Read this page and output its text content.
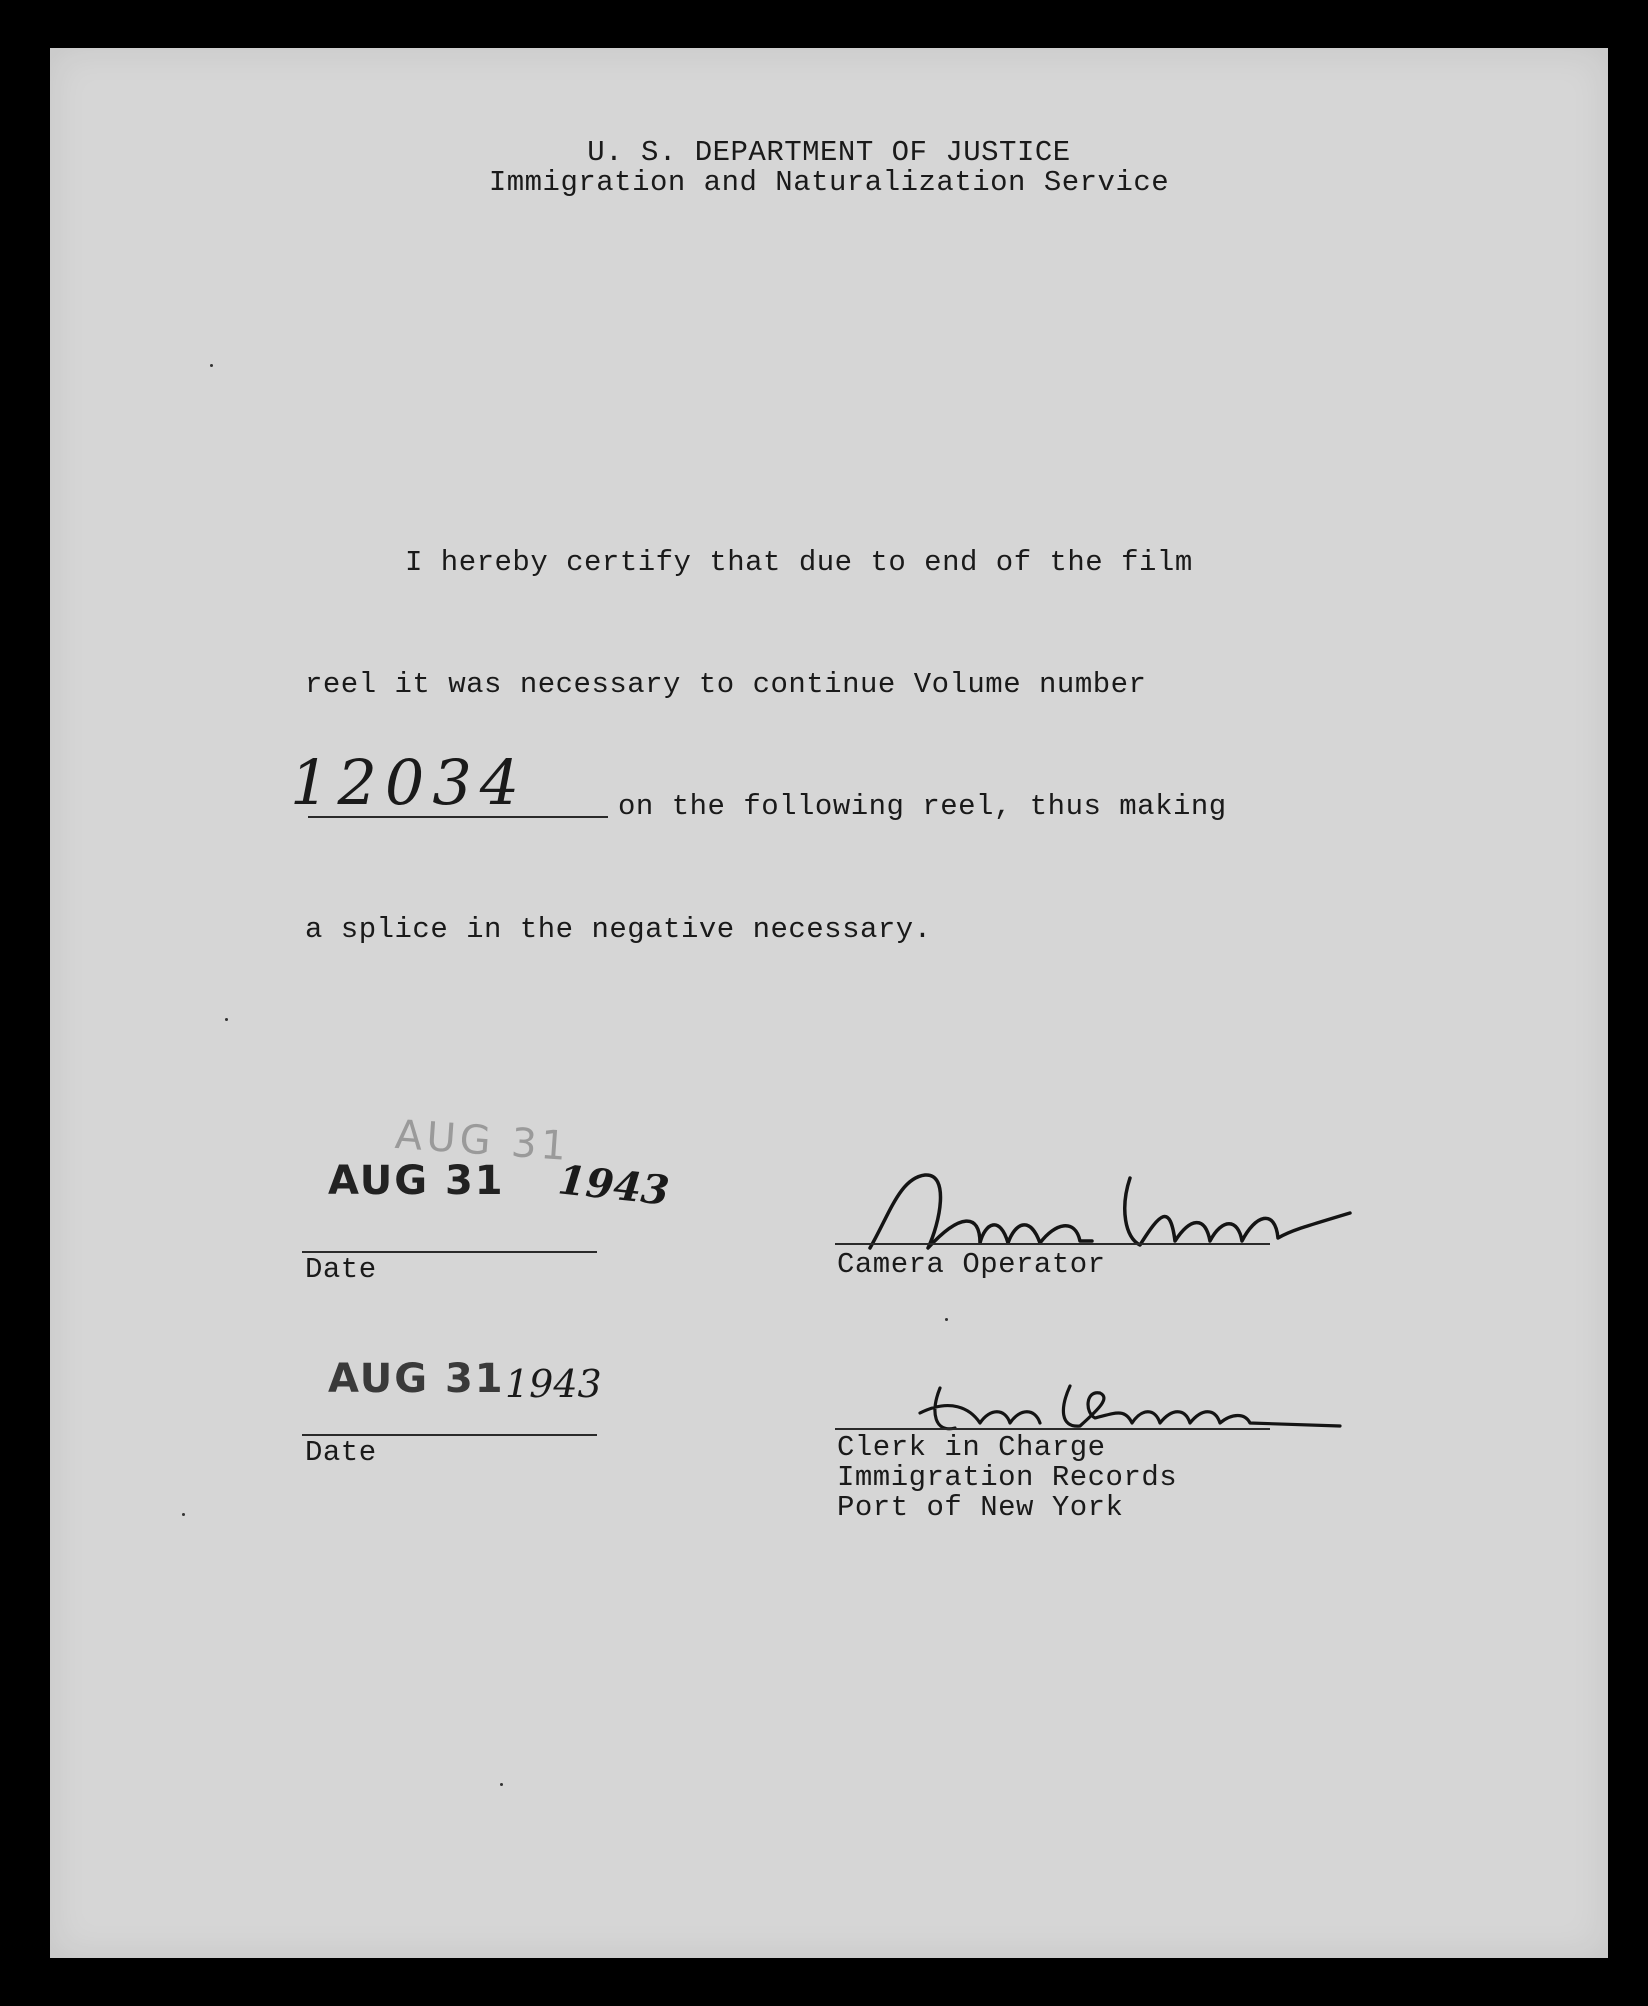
U. S. DEPARTMENT OF JUSTICE
Immigration and Naturalization Service
I hereby certify that due to end of the film
reel it was necessary to continue Volume number
12034	on the following reel, thus making
a splice in the negative necessary.
AUG 31
AUG 31 1943
Date	Camera Operator
AUG 31 1943
Date	Clerk in Charge
Immigration Records
Port of New York
